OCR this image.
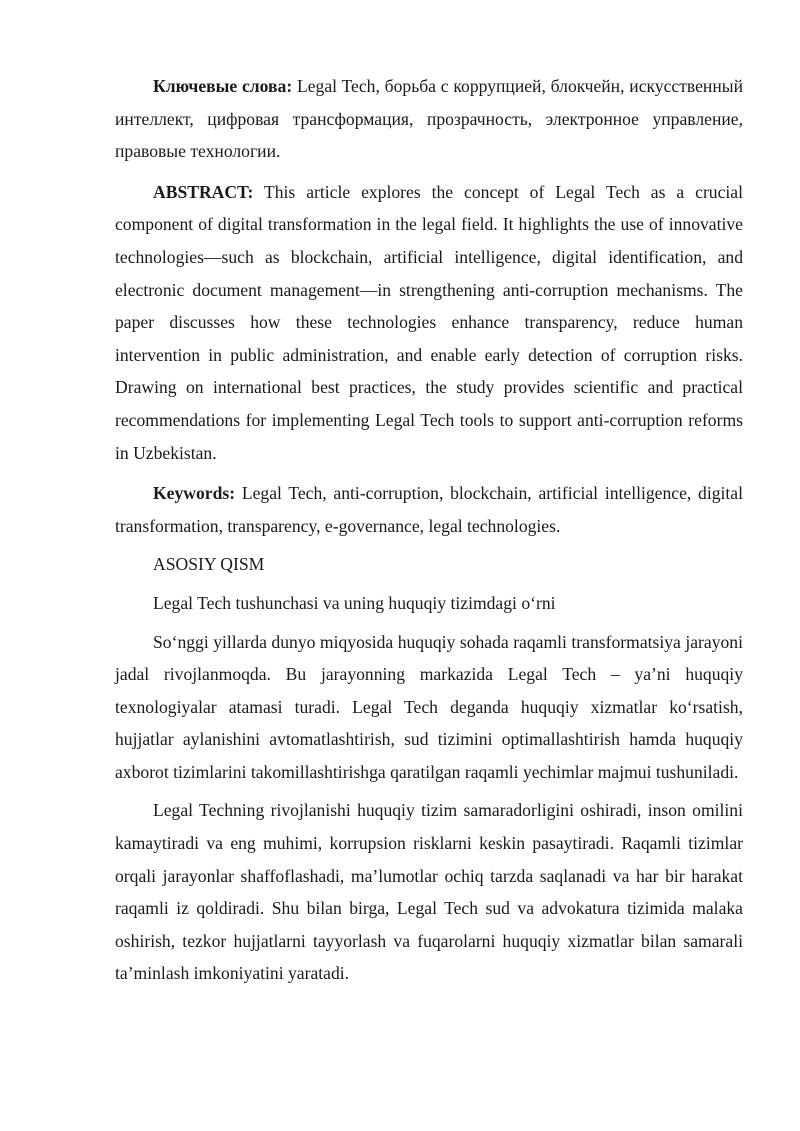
Ключевые слова: Legal Tech, борьба с коррупцией, блокчейн, искусственный интеллект, цифровая трансформация, прозрачность, электронное управление, правовые технологии.

ABSTRACT: This article explores the concept of Legal Tech as a crucial component of digital transformation in the legal field. It highlights the use of innovative technologies—such as blockchain, artificial intelligence, digital identification, and electronic document management—in strengthening anti-corruption mechanisms. The paper discusses how these technologies enhance transparency, reduce human intervention in public administration, and enable early detection of corruption risks. Drawing on international best practices, the study provides scientific and practical recommendations for implementing Legal Tech tools to support anti-corruption reforms in Uzbekistan.

Keywords: Legal Tech, anti-corruption, blockchain, artificial intelligence, digital transformation, transparency, e-governance, legal technologies.

ASOSIY QISM

Legal Tech tushunchasi va uning huquqiy tizimdagi o‘rni

So‘nggi yillarda dunyo miqyosida huquqiy sohada raqamli transformatsiya jarayoni jadal rivojlanmoqda. Bu jarayonning markazida Legal Tech – ya’ni huquqiy texnologiyalar atamasi turadi. Legal Tech deganda huquqiy xizmatlar ko‘rsatish, hujjatlar aylanishini avtomatlashtirish, sud tizimini optimallashtirish hamda huquqiy axborot tizimlarini takomillashtirishga qaratilgan raqamli yechimlar majmui tushuniladi.

Legal Techning rivojlanishi huquqiy tizim samaradorligini oshiradi, inson omilini kamaytiradi va eng muhimi, korrupsion risklarni keskin pasaytiradi. Raqamli tizimlar orqali jarayonlar shaffoflashadi, ma’lumotlar ochiq tarzda saqlanadi va har bir harakat raqamli iz qoldiradi. Shu bilan birga, Legal Tech sud va advokatura tizimida malaka oshirish, tezkor hujjatlarni tayyorlash va fuqarolarni huquqiy xizmatlar bilan samarali ta’minlash imkoniyatini yaratadi.
